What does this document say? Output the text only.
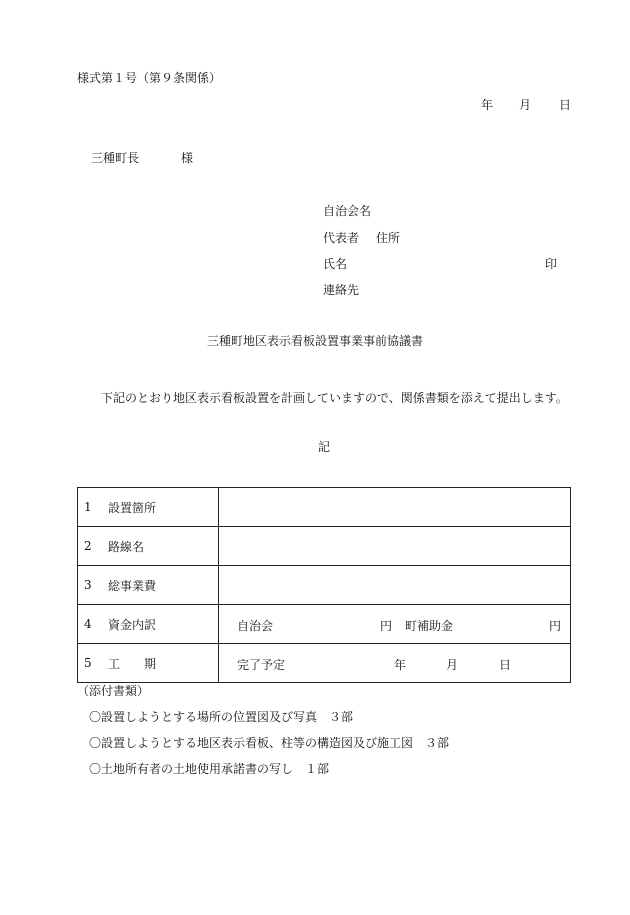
様式第１号（第９条関係）
年 月 日
三種町長	様
自治会名
代表者 住所
氏名	印
連絡先
三種町地区表示看板設置事業事前協議書
下記のとおり地区表示看板設置を計画していますので、関係書類を添えて提出します。
記
1 設置箇所	

2 路線名	

3 総事業費	

4 資金内訳	自治会 円 町補助金 円

5 工　　期	完了予定 年 月 日
（添付書類）
〇設置しようとする場所の位置図及び写真　３部
〇設置しようとする地区表示看板、柱等の構造図及び施工図　３部
〇土地所有者の土地使用承諾書の写し　１部
